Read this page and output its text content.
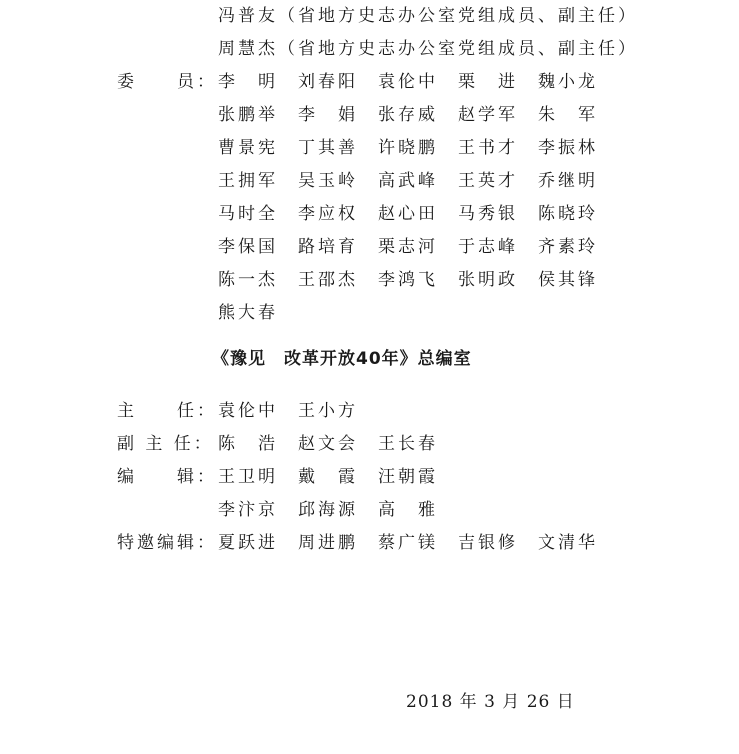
冯普友（省地方史志办公室党组成员、副主任）
周慧杰（省地方史志办公室党组成员、副主任）
委　　员： 李　明　刘春阳　袁伦中　栗　进　魏小龙
张鹏举　李　娟　张存威　赵学军　朱　军
曹景宪　丁其善　许晓鹏　王书才　李振林
王拥军　吴玉岭　高武峰　王英才　乔继明
马时全　李应权　赵心田　马秀银　陈晓玲
李保国　路培育　栗志河　于志峰　齐素玲
陈一杰　王邵杰　李鸿飞　张明政　侯其锋
熊大春
《豫见　改革开放40年》总编室
主　　任： 袁伦中　王小方
副 主 任： 陈　浩　赵文会　王长春
编　　辑： 王卫明　戴　霞　汪朝霞
李汴京　邱海源　高　雅
特邀编辑： 夏跃进　周进鹏　蔡广镁　吉银修　文清华
2018 年 3 月 26 日
